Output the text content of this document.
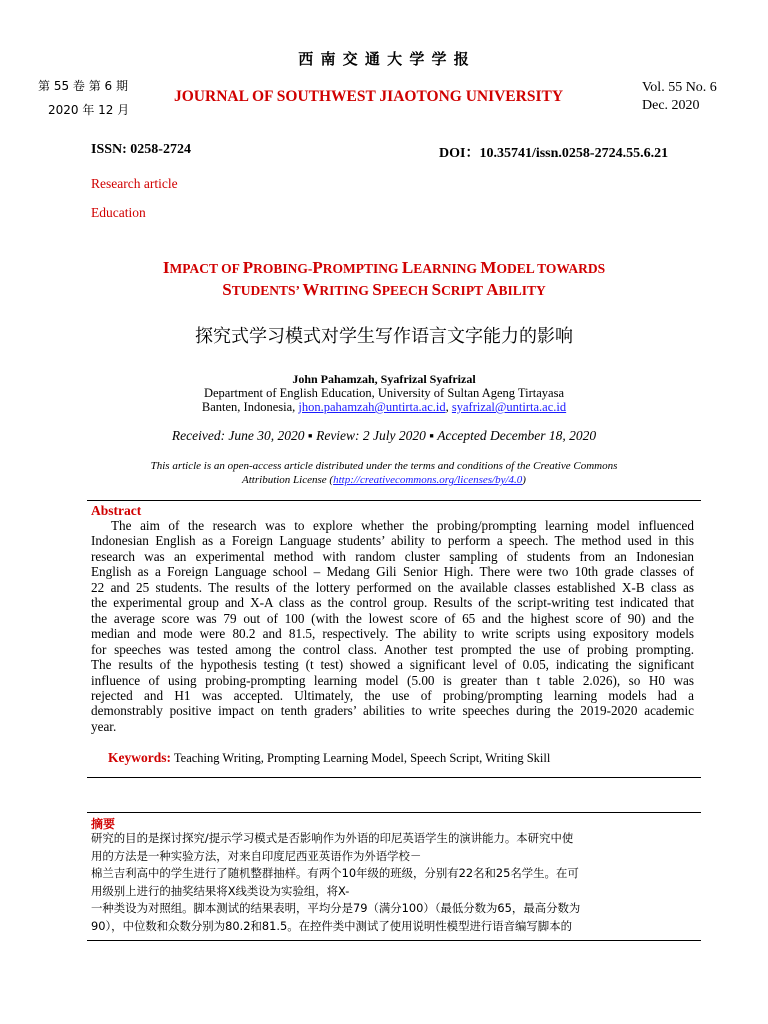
西 南 交 通 大 学 学 报
第 55 卷 第 6 期
2020 年 12 月
JOURNAL OF SOUTHWEST JIAOTONG UNIVERSITY
Vol. 55 No. 6
Dec. 2020
ISSN: 0258-2724	DOI：10.35741/issn.0258-2724.55.6.21
Research article
Education
IMPACT OF PROBING-PROMPTING LEARNING MODEL TOWARDS
STUDENTS’ WRITING SPEECH SCRIPT ABILITY
探究式学习模式对学生写作语言文字能力的影响
John Pahamzah, Syafrizal Syafrizal
Department of English Education, University of Sultan Ageng Tirtayasa
Banten, Indonesia, jhon.pahamzah@untirta.ac.id, syafrizal@untirta.ac.id
Received: June 30, 2020 ▪ Review: 2 July 2020 ▪ Accepted December 18, 2020
This article is an open-access article distributed under the terms and conditions of the Creative Commons
Attribution License (http://creativecommons.org/licenses/by/4.0)
Abstract
The aim of the research was to explore whether the probing/prompting learning model influenced
Indonesian English as a Foreign Language students’ ability to perform a speech. The method used in this
research was an experimental method with random cluster sampling of students from an Indonesian
English as a Foreign Language school – Medang Gili Senior High. There were two 10th grade classes of
22 and 25 students. The results of the lottery performed on the available classes established X-B class as
the experimental group and X-A class as the control group. Results of the script-writing test indicated that
the average score was 79 out of 100 (with the lowest score of 65 and the highest score of 90) and the
median and mode were 80.2 and 81.5, respectively. The ability to write scripts using expository models
for speeches was tested among the control class. Another test prompted the use of probing prompting.
The results of the hypothesis testing (t test) showed a significant level of 0.05, indicating the significant
influence of using probing-prompting learning model (5.00 is greater than t table 2.026), so H0 was
rejected and H1 was accepted. Ultimately, the use of probing/prompting learning models had a
demonstrably positive impact on tenth graders’ abilities to write speeches during the 2019-2020 academic
year.
Keywords: Teaching Writing, Prompting Learning Model, Speech Script, Writing Skill
摘要
研究的目的是探讨探究/提示学习模式是否影响作为外语的印尼英语学生的演讲能力。本研究中使
用的方法是一种实验方法，对来自印度尼西亚英语作为外语学校－
棉兰吉利高中的学生进行了随机整群抽样。有两个10年级的班级，分别有22名和25名学生。在可
用级别上进行的抽奖结果将X线类设为实验组，将X-
一种类设为对照组。脚本测试的结果表明，平均分是79（满分100）（最低分数为65，最高分数为
90），中位数和众数分别为80.2和81.5。在控件类中测试了使用说明性模型进行语音编写脚本的
